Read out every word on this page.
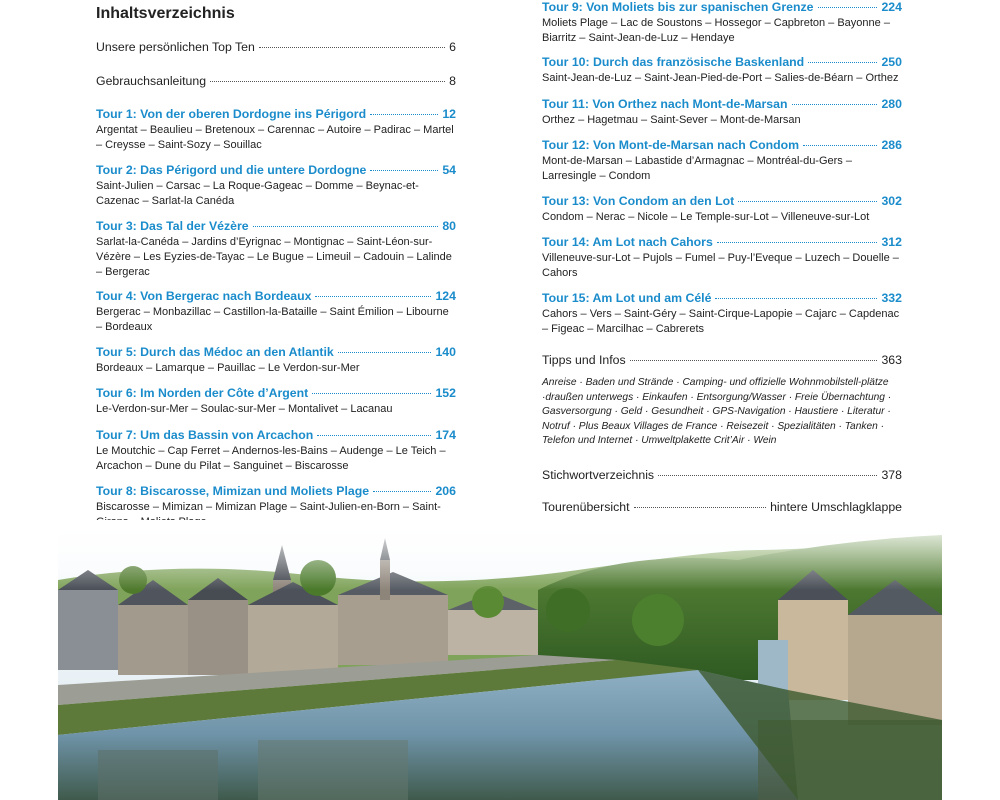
Inhaltsverzeichnis
Unsere persönlichen Top Ten	6
Gebrauchsanleitung	8
Tour 1: Von der oberen Dordogne ins Périgord	12
Argentat – Beaulieu – Bretenoux – Carennac – Autoire – Padirac – Martel – Creysse – Saint-Sozy – Souillac
Tour 2: Das Périgord und die untere Dordogne	54
Saint-Julien – Carsac – La Roque-Gageac – Domme – Beynac-et-Cazenac – Sarlat-la Canéda
Tour 3: Das Tal der Vézère	80
Sarlat-la-Canéda – Jardins d’Eyrignac – Montignac – Saint-Léon-sur-Vézère – Les Eyzies-de-Tayac – Le Bugue – Limeuil – Cadouin – Lalinde – Bergerac
Tour 4: Von Bergerac nach Bordeaux	124
Bergerac – Monbazillac – Castillon-la-Bataille – Saint Émilion – Libourne – Bordeaux
Tour 5: Durch das Médoc an den Atlantik	140
Bordeaux – Lamarque – Pauillac – Le Verdon-sur-Mer
Tour 6: Im Norden der Côte d’Argent	152
Le-Verdon-sur-Mer – Soulac-sur-Mer – Montalivet – Lacanau
Tour 7: Um das Bassin von Arcachon	174
Le Moutchic – Cap Ferret – Andernos-les-Bains – Audenge – Le Teich – Arcachon – Dune du Pilat – Sanguinet – Biscarosse
Tour 8: Biscarosse, Mimizan und Moliets Plage	206
Biscarosse – Mimizan – Mimizan Plage – Saint-Julien-en-Born – Saint-
Tour 9: Von Moliets bis zur spanischen Grenze	224
Moliets Plage – Lac de Soustons – Hossegor – Capbreton – Bayonne – Biarritz – Saint-Jean-de-Luz – Hendaye
Tour 10: Durch das französische Baskenland	250
Saint-Jean-de-Luz – Saint-Jean-Pied-de-Port – Salies-de-Béarn – Orthez
Tour 11: Von Orthez nach Mont-de-Marsan	280
Orthez – Hagetmau – Saint-Sever – Mont-de-Marsan
Tour 12: Von Mont-de-Marsan nach Condom	286
Mont-de-Marsan – Labastide d’Armagnac – Montréal-du-Gers – Larresingle – Condom
Tour 13: Von Condom an den Lot	302
Condom – Nerac – Nicole – Le Temple-sur-Lot – Villeneuve-sur-Lot
Tour 14: Am Lot nach Cahors	312
Villeneuve-sur-Lot – Pujols – Fumel – Puy-l’Eveque – Luzech – Douelle – Cahors
Tour 15: Am Lot und am Célé	332
Cahors – Vers – Saint-Géry – Saint-Cirque-Lapopie – Cajarc – Capdenac – Figeac – Marcilhac – Cabrerets
Tipps und Infos	363
Anreise · Baden und Strände · Camping- und offizielle Wohnmobilstell-plätze ·draußen unterwegs · Einkaufen · Entsorgung/Wasser · Freie Übernachtung · Gasversorgung · Geld · Gesundheit · GPS-Navigation · Haustiere · Literatur · Notruf · Plus Beaux Villages de France · Reisezeit · Spezialitäten · Tanken · Telefon und Internet · Umweltplakette Crit’Air · Wein
Stichwortverzeichnis	378
Tourenübersicht	hintere Umschlagklappe
